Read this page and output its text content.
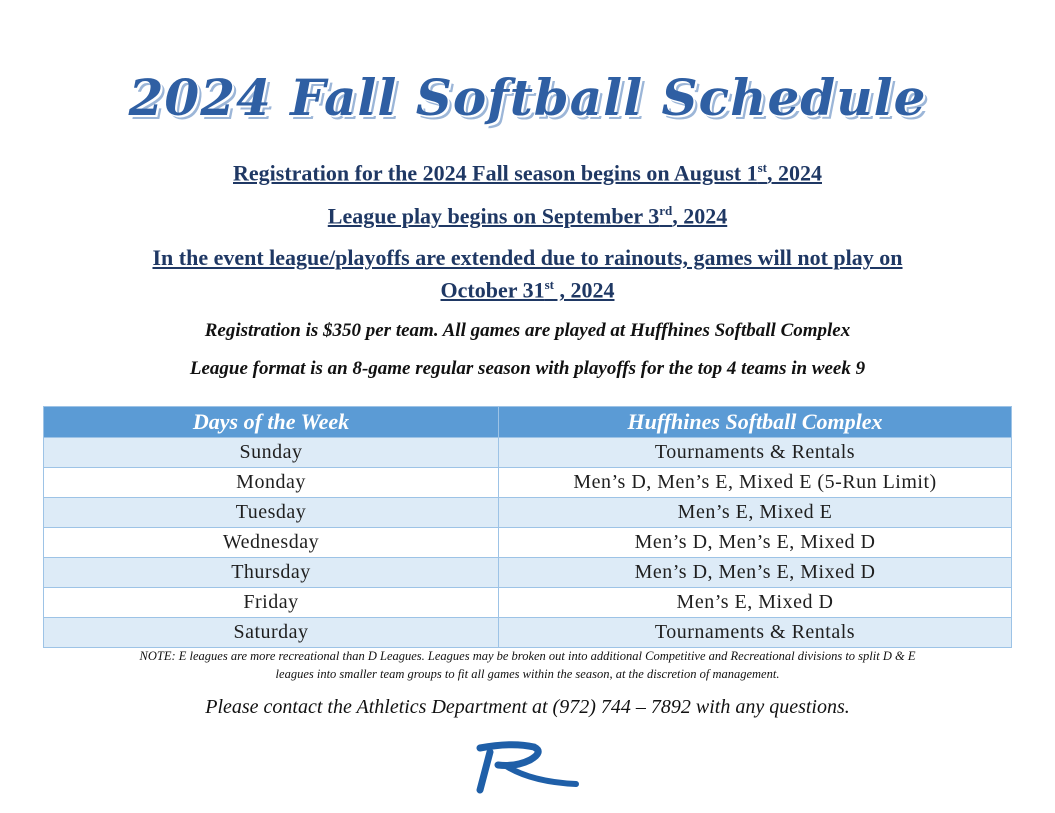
2024 Fall Softball Schedule
Registration for the 2024 Fall season begins on August 1st, 2024
League play begins on September 3rd, 2024
In the event league/playoffs are extended due to rainouts, games will not play on
October 31st , 2024
Registration is $350 per team. All games are played at Huffhines Softball Complex
League format is an 8-game regular season with playoffs for the top 4 teams in week 9
Days of the Week	Huffhines Softball Complex
Sunday	Tournaments & Rentals
Monday	Men’s D, Men’s E, Mixed E (5-Run Limit)
Tuesday	Men’s E, Mixed E
Wednesday	Men’s D, Men’s E, Mixed D
Thursday	Men’s D, Men’s E, Mixed D
Friday	Men’s E, Mixed D
Saturday	Tournaments & Rentals
NOTE: E leagues are more recreational than D Leagues. Leagues may be broken out into additional Competitive and Recreational divisions to split D & E
leagues into smaller team groups to fit all games within the season, at the discretion of management.
Please contact the Athletics Department at (972) 744 – 7892 with any questions.
